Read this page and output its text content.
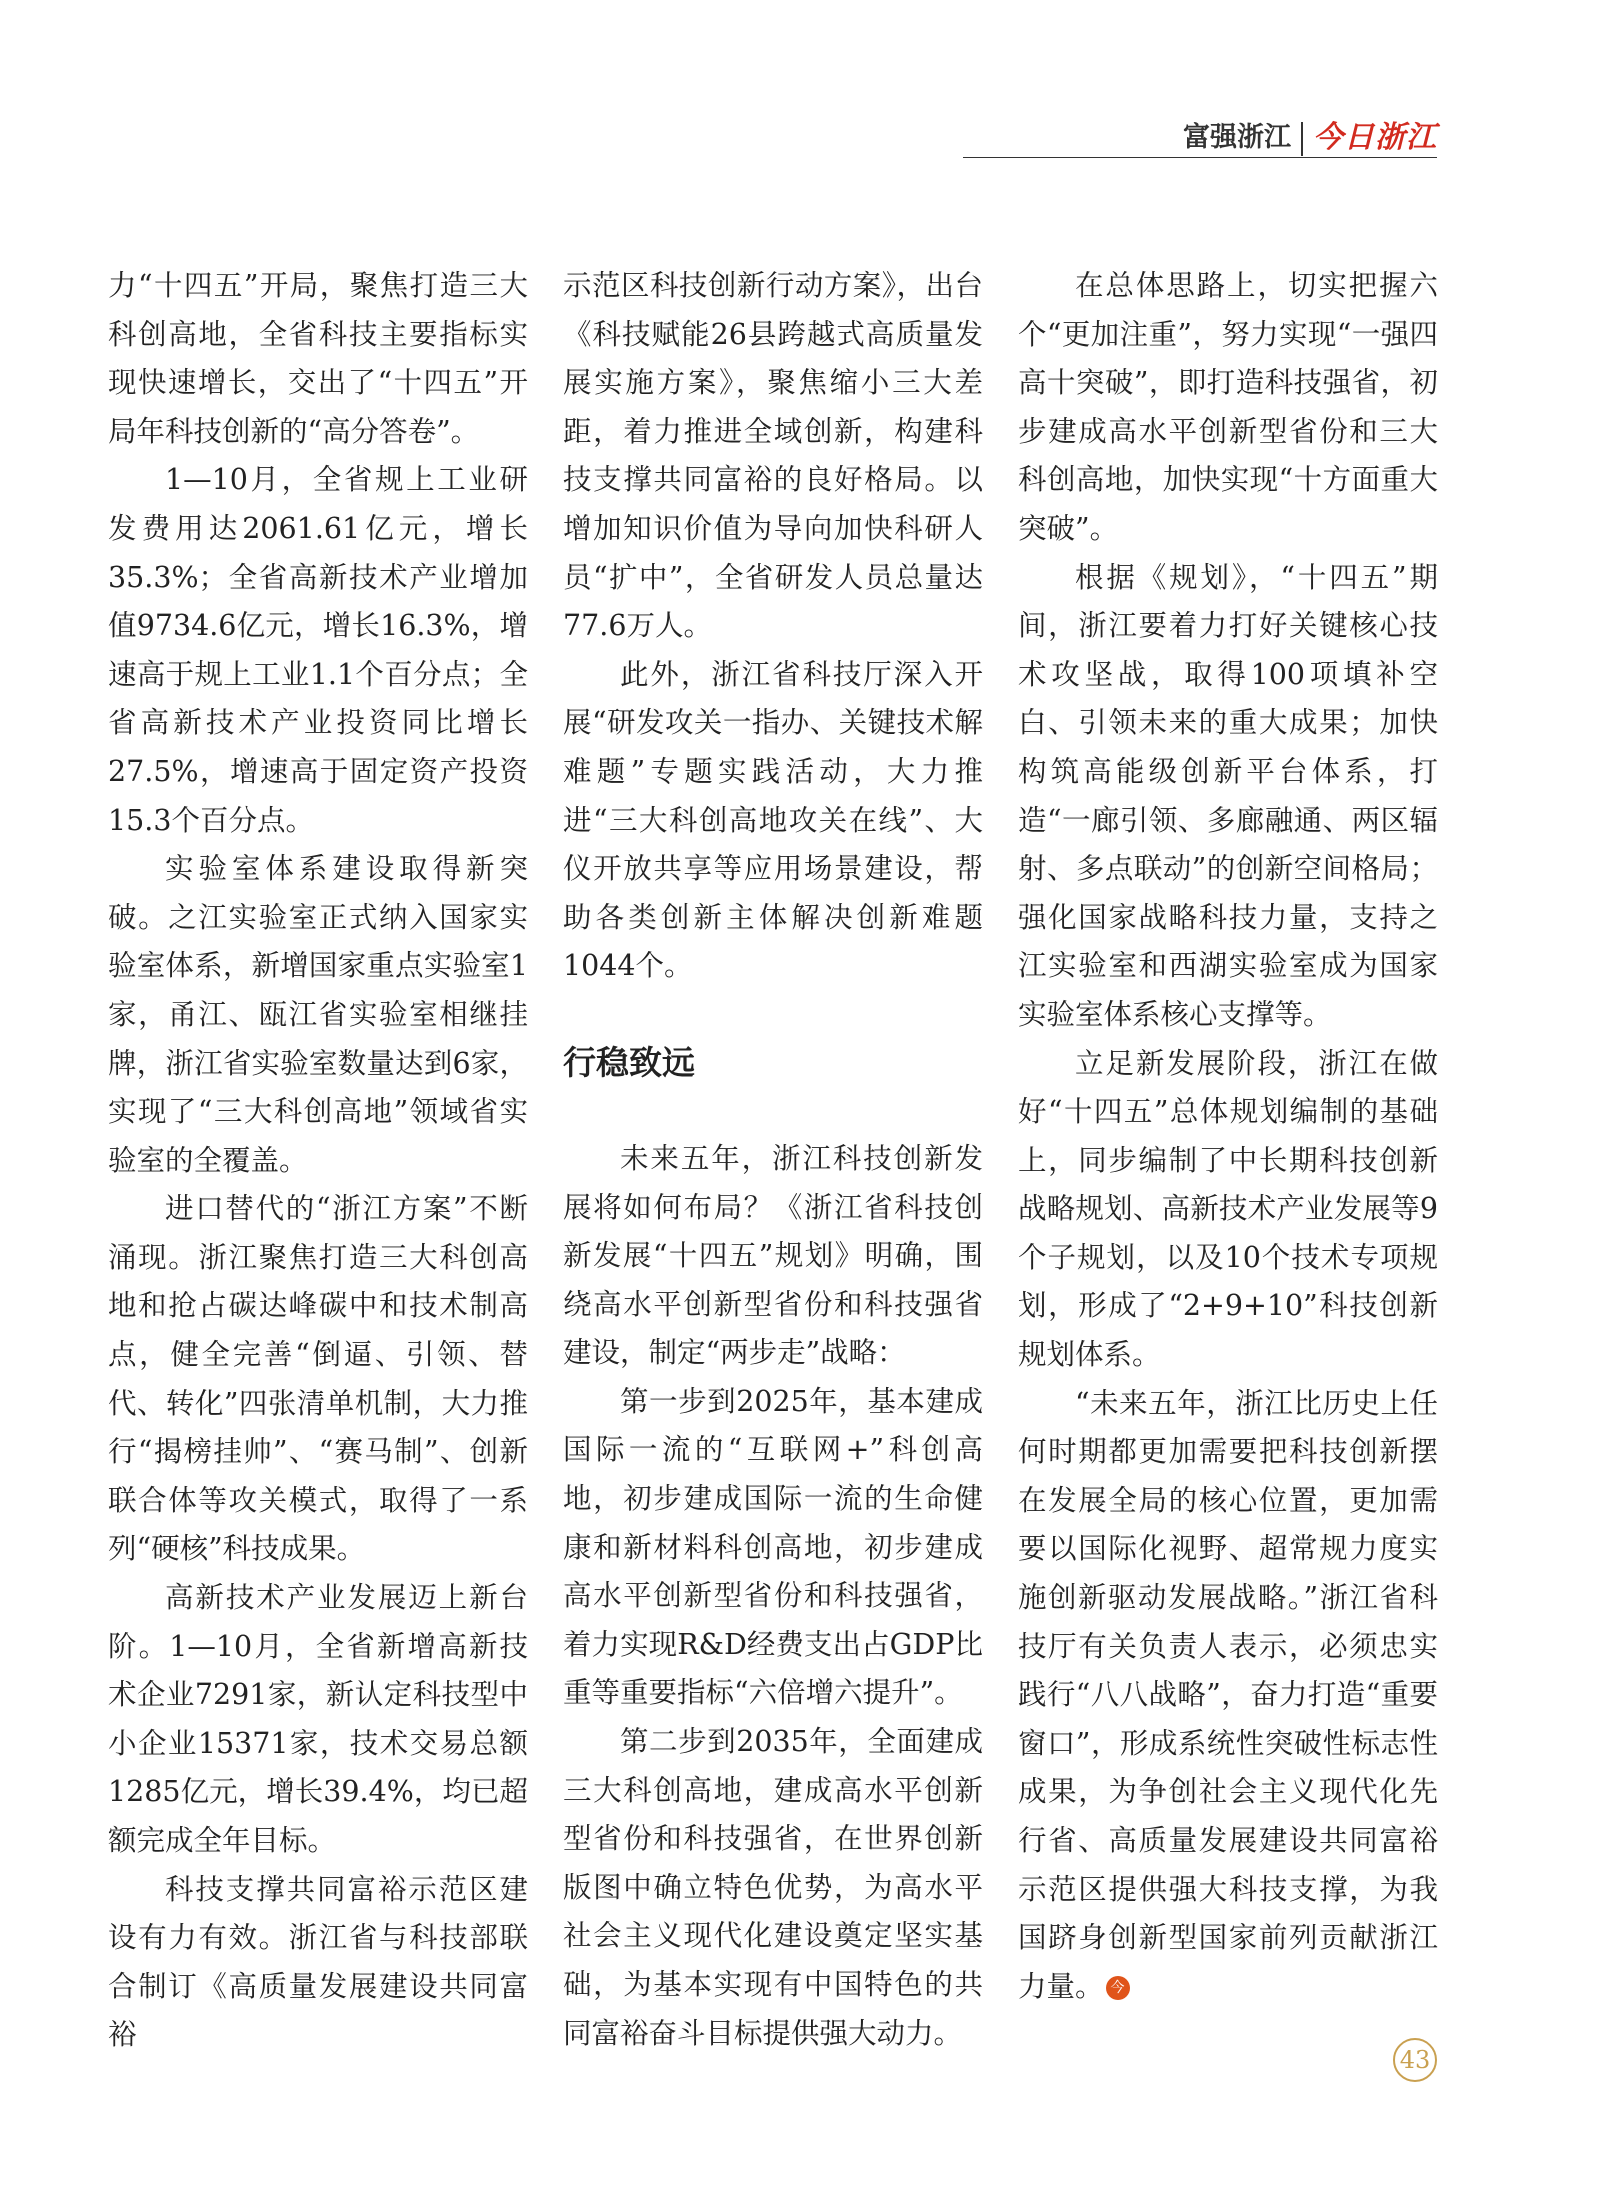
富强浙江 今日浙江

力“十四五”开局，聚焦打造三大科创高地，全省科技主要指标实现快速增长，交出了“十四五”开局年科技创新的“高分答卷”。

1—10月，全省规上工业研发费用达2061.61亿元，增长35.3%；全省高新技术产业增加值9734.6亿元，增长16.3%，增速高于规上工业1.1个百分点；全省高新技术产业投资同比增长27.5%，增速高于固定资产投资15.3个百分点。

实验室体系建设取得新突破。之江实验室正式纳入国家实验室体系，新增国家重点实验室1家，甬江、瓯江省实验室相继挂牌，浙江省实验室数量达到6家，实现了“三大科创高地”领域省实验室的全覆盖。

进口替代的“浙江方案”不断涌现。浙江聚焦打造三大科创高地和抢占碳达峰碳中和技术制高点，健全完善“倒逼、引领、替代、转化”四张清单机制，大力推行“揭榜挂帅”、“赛马制”、创新联合体等攻关模式，取得了一系列“硬核”科技成果。

高新技术产业发展迈上新台阶。1—10月，全省新增高新技术企业7291家，新认定科技型中小企业15371家，技术交易总额1285亿元，增长39.4%，均已超额完成全年目标。

科技支撑共同富裕示范区建设有力有效。浙江省与科技部联合制订《高质量发展建设共同富裕

示范区科技创新行动方案》，出台《科技赋能26县跨越式高质量发展实施方案》，聚焦缩小三大差距，着力推进全域创新，构建科技支撑共同富裕的良好格局。以增加知识价值为导向加快科研人员“扩中”，全省研发人员总量达77.6万人。

此外，浙江省科技厅深入开展“研发攻关一指办、关键技术解难题”专题实践活动，大力推进“三大科创高地攻关在线”、大仪开放共享等应用场景建设，帮助各类创新主体解决创新难题1044个。

行稳致远

未来五年，浙江科技创新发展将如何布局？《浙江省科技创新发展“十四五”规划》明确，围绕高水平创新型省份和科技强省建设，制定“两步走”战略：

第一步到2025年，基本建成国际一流的“互联网+”科创高地，初步建成国际一流的生命健康和新材料科创高地，初步建成高水平创新型省份和科技强省，着力实现R&D经费支出占GDP比重等重要指标“六倍增六提升”。

第二步到2035年，全面建成三大科创高地，建成高水平创新型省份和科技强省，在世界创新版图中确立特色优势，为高水平社会主义现代化建设奠定坚实基础，为基本实现有中国特色的共同富裕奋斗目标提供强大动力。

在总体思路上，切实把握六个“更加注重”，努力实现“一强四高十突破”，即打造科技强省，初步建成高水平创新型省份和三大科创高地，加快实现“十方面重大突破”。

根据《规划》，“十四五”期间，浙江要着力打好关键核心技术攻坚战，取得100项填补空白、引领未来的重大成果；加快构筑高能级创新平台体系，打造“一廊引领、多廊融通、两区辐射、多点联动”的创新空间格局；强化国家战略科技力量，支持之江实验室和西湖实验室成为国家实验室体系核心支撑等。

立足新发展阶段，浙江在做好“十四五”总体规划编制的基础上，同步编制了中长期科技创新战略规划、高新技术产业发展等9个子规划，以及10个技术专项规划，形成了“2+9+10”科技创新规划体系。

“未来五年，浙江比历史上任何时期都更加需要把科技创新摆在发展全局的核心位置，更加需要以国际化视野、超常规力度实施创新驱动发展战略。”浙江省科技厅有关负责人表示，必须忠实践行“八八战略”，奋力打造“重要窗口”，形成系统性突破性标志性成果，为争创社会主义现代化先行省、高质量发展建设共同富裕示范区提供强大科技支撑，为我国跻身创新型国家前列贡献浙江力量。 今

43
